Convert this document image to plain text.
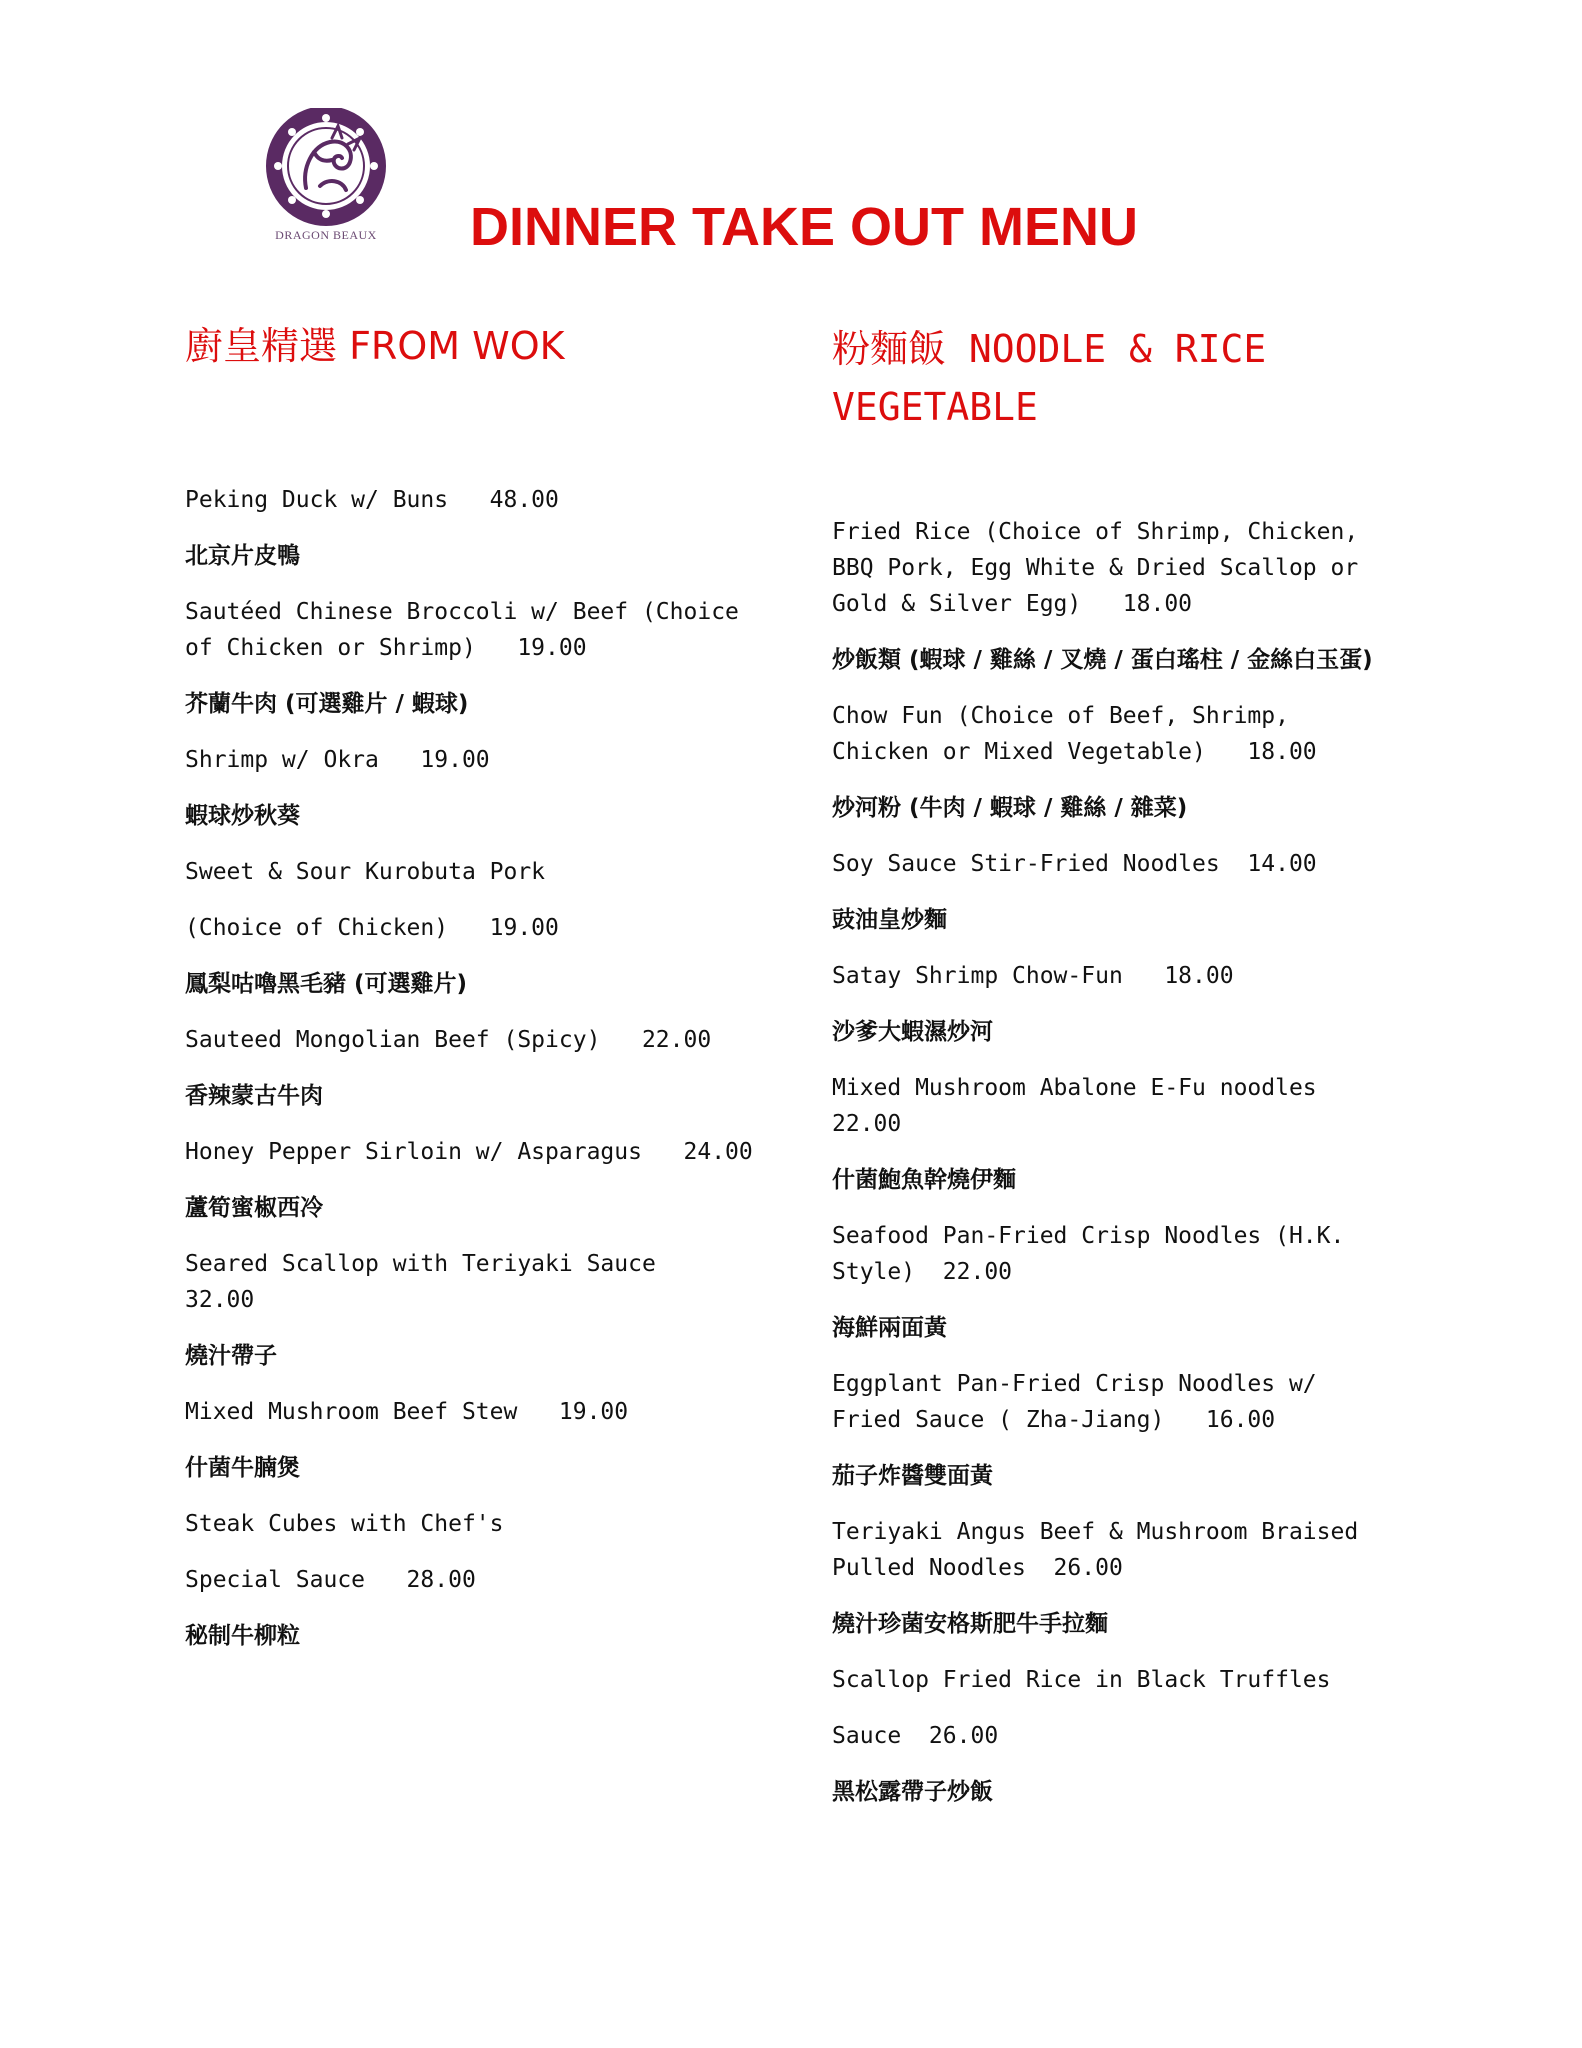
DRAGON BEAUX DINNER TAKE OUT MENU
廚皇精選 FROM WOK
Peking Duck w/ Buns   48.00
北京片皮鴨
Sautéed Chinese Broccoli w/ Beef (Choice of Chicken or Shrimp)   19.00
芥蘭牛肉 (可選雞片 / 蝦球)
Shrimp w/ Okra   19.00
蝦球炒秋葵
Sweet & Sour Kurobuta Pork
(Choice of Chicken)   19.00
鳳梨咕嚕黑毛豬 (可選雞片)
Sauteed Mongolian Beef (Spicy)   22.00
香辣蒙古牛肉
Honey Pepper Sirloin w/ Asparagus   24.00
蘆筍蜜椒西冷
Seared Scallop with Teriyaki Sauce   32.00
燒汁帶子
Mixed Mushroom Beef Stew   19.00
什菌牛腩煲
Steak Cubes with Chef's
Special Sauce   28.00
秘制牛柳粒
粉麵飯 NOODLE & RICE VEGETABLE
Fried Rice (Choice of Shrimp, Chicken, BBQ Pork, Egg White & Dried Scallop or Gold & Silver Egg)   18.00
炒飯類 (蝦球 / 雞絲 / 叉燒 / 蛋白瑤柱 / 金絲白玉蛋)
Chow Fun (Choice of Beef, Shrimp, Chicken or Mixed Vegetable)   18.00
炒河粉 (牛肉 / 蝦球 / 雞絲 / 雜菜)
Soy Sauce Stir-Fried Noodles  14.00
豉油皇炒麵
Satay Shrimp Chow-Fun   18.00
沙爹大蝦濕炒河
Mixed Mushroom Abalone E-Fu noodles  22.00
什菌鮑魚幹燒伊麵
Seafood Pan-Fried Crisp Noodles (H.K. Style)  22.00
海鮮兩面黃
Eggplant Pan-Fried Crisp Noodles w/ Fried Sauce ( Zha-Jiang)   16.00
茄子炸醬雙面黃
Teriyaki Angus Beef & Mushroom Braised Pulled Noodles  26.00
燒汁珍菌安格斯肥牛手拉麵
Scallop Fried Rice in Black Truffles
Sauce  26.00
黑松露帶子炒飯
